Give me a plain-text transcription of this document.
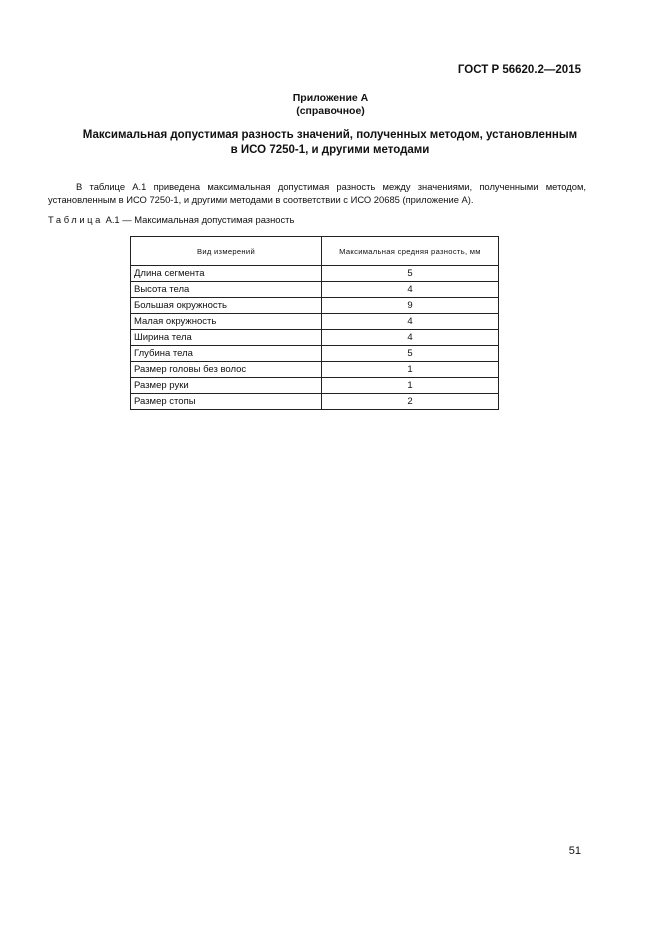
ГОСТ Р 56620.2—2015
Приложение А
(справочное)
Максимальная допустимая разность значений, полученных методом, установленным
в ИСО 7250-1, и другими методами

В таблице А.1 приведена максимальная допустимая разность между значениями, полученными методом, установленным в ИСО 7250-1, и другими методами в соответствии с ИСО 20685 (приложение А).

Таблица А.1 — Максимальная допустимая разность

Вид измерений	Максимальная средняя разность, мм
Длина сегмента	5
Высота тела	4
Большая окружность	9
Малая окружность	4
Ширина тела	4
Глубина тела	5
Размер головы без волос	1
Размер руки	1
Размер стопы	2
51
